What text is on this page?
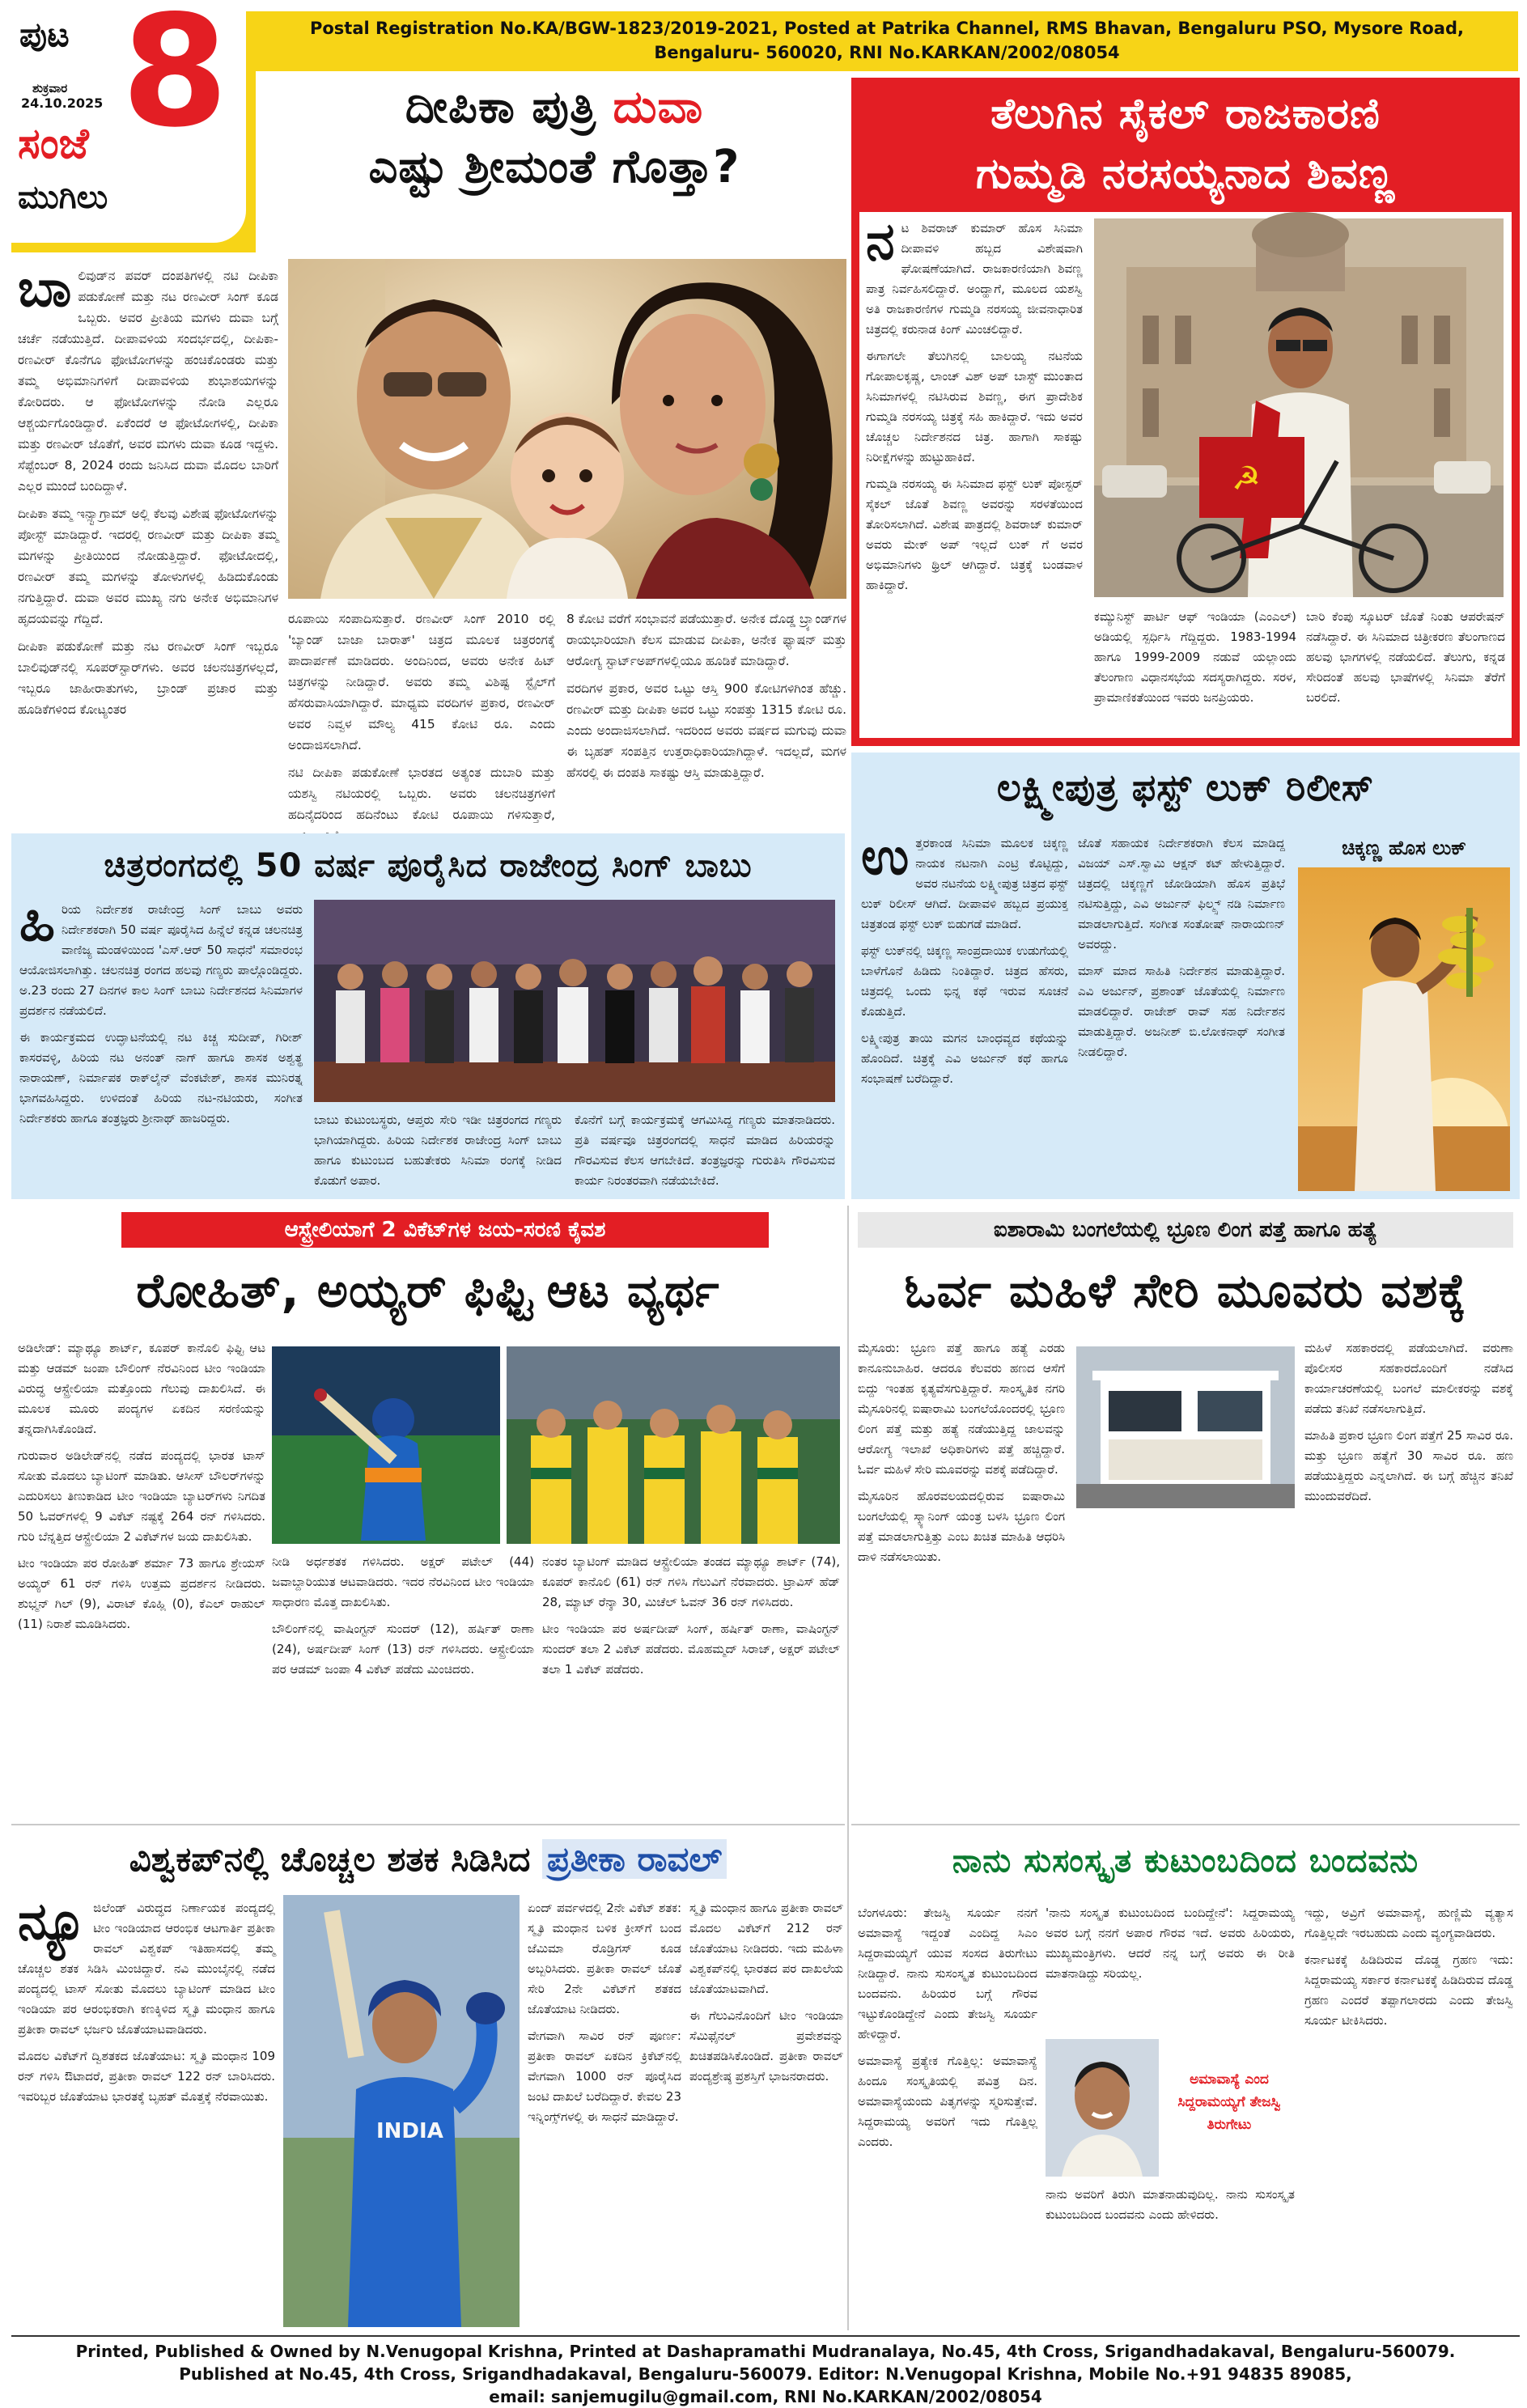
ಪುಟ 8
ಶುಕ್ರವಾರ
24.10.2025
ಸಂಜೆ
ಮುಗಿಲು
Postal Registration No.KA/BGW-1823/2019-2021, Posted at Patrika Channel, RMS Bhavan, Bengaluru PSO, Mysore Road,
Bengaluru- 560020, RNI No.KARKAN/2002/08054
ದೀಪಿಕಾ ಪುತ್ರಿ ದುವಾ
ಎಷ್ಟು ಶ್ರೀಮಂತೆ ಗೊತ್ತಾ?
ಬಾ ಲಿವುಡ್‌ನ ಪವರ್ ದಂಪತಿಗಳಲ್ಲಿ ನಟಿ ದೀಪಿಕಾ ಪಡುಕೋಣೆ ಮತ್ತು ನಟ ರಣವೀರ್ ಸಿಂಗ್ ಕೂಡ ಒಬ್ಬರು. ಅವರ ಪ್ರೀತಿಯ ಮಗಳು ದುವಾ ಬಗ್ಗೆ ಚರ್ಚೆ ನಡೆಯುತ್ತಿದೆ. ದೀಪಾವಳಿಯ ಸಂದರ್ಭದಲ್ಲಿ, ದೀಪಿಕಾ-ರಣವೀರ್ ಕೊನೆಗೂ ಫೋಟೋಗಳನ್ನು ಹಂಚಿಕೊಂಡರು ಮತ್ತು ತಮ್ಮ ಅಭಿಮಾನಿಗಳಿಗೆ ದೀಪಾವಳಿಯ ಶುಭಾಶಯಗಳನ್ನು ಕೋರಿದರು. ಆ ಫೋಟೋಗಳನ್ನು ನೋಡಿ ಎಲ್ಲರೂ ಆಶ್ಚರ್ಯಗೊಂಡಿದ್ದಾರೆ. ಏಕೆಂದರೆ ಆ ಫೋಟೋಗಳಲ್ಲಿ, ದೀಪಿಕಾ ಮತ್ತು ರಣವೀರ್ ಜೊತೆಗೆ, ಅವರ ಮಗಳು ದುವಾ ಕೂಡ ಇದ್ದಳು. ಸೆಪ್ಟೆಂಬರ್ 8, 2024 ರಂದು ಜನಿಸಿದ ದುವಾ ಮೊದಲ ಬಾರಿಗೆ ಎಲ್ಲರ ಮುಂದೆ ಬಂದಿದ್ದಾಳೆ.

ದೀಪಿಕಾ ತಮ್ಮ ಇನ್ಸ್ಟಾಗ್ರಾಮ್ ಅಲ್ಲಿ ಕೆಲವು ವಿಶೇಷ ಫೋಟೋಗಳನ್ನು ಪೋಸ್ಟ್ ಮಾಡಿದ್ದಾರೆ. ಇದರಲ್ಲಿ ರಣವೀರ್ ಮತ್ತು ದೀಪಿಕಾ ತಮ್ಮ ಮಗಳನ್ನು ಪ್ರೀತಿಯಿಂದ ನೋಡುತ್ತಿದ್ದಾರೆ. ಫೋಟೋದಲ್ಲಿ, ರಣವೀರ್ ತಮ್ಮ ಮಗಳನ್ನು ತೋಳುಗಳಲ್ಲಿ ಹಿಡಿದುಕೊಂಡು ನಗುತ್ತಿದ್ದಾರೆ. ದುವಾ ಅವರ ಮುಖ್ಯ ನಗು ಅನೇಕ ಅಭಿಮಾನಿಗಳ ಹೃದಯವನ್ನು ಗೆದ್ದಿದೆ.

ದೀಪಿಕಾ ಪಡುಕೋಣೆ ಮತ್ತು ನಟ ರಣವೀರ್ ಸಿಂಗ್ ಇಬ್ಬರೂ ಬಾಲಿವುಡ್‌ನಲ್ಲಿ ಸೂಪರ್‌ಸ್ಟಾರ್‌ಗಳು. ಅವರ ಚಲನಚಿತ್ರಗಳಲ್ಲದೆ, ಇಬ್ಬರೂ ಜಾಹೀರಾತುಗಳು, ಬ್ರಾಂಡ್ ಪ್ರಚಾರ ಮತ್ತು ಹೂಡಿಕೆಗಳಿಂದ ಕೋಟ್ಯಂತರ

ರೂಪಾಯಿ ಸಂಪಾದಿಸುತ್ತಾರೆ. ರಣವೀರ್ ಸಿಂಗ್ 2010 ರಲ್ಲಿ 'ಬ್ಯಾಂಡ್ ಬಾಜಾ ಬಾರಾತ್' ಚಿತ್ರದ ಮೂಲಕ ಚಿತ್ರರಂಗಕ್ಕೆ ಪಾದಾರ್ಪಣೆ ಮಾಡಿದರು. ಅಂದಿನಿಂದ, ಅವರು ಅನೇಕ ಹಿಟ್ ಚಿತ್ರಗಳನ್ನು ನೀಡಿದ್ದಾರೆ. ಅವರು ತಮ್ಮ ವಿಶಿಷ್ಟ ಸ್ಟೈಲ್‌ಗೆ ಹೆಸರುವಾಸಿಯಾಗಿದ್ದಾರೆ. ಮಾಧ್ಯಮ ವರದಿಗಳ ಪ್ರಕಾರ, ರಣವೀರ್ ಅವರ ನಿವ್ವಳ ಮೌಲ್ಯ 415 ಕೋಟಿ ರೂ. ಎಂದು ಅಂದಾಜಿಸಲಾಗಿದೆ.

ನಟಿ ದೀಪಿಕಾ ಪಡುಕೋಣೆ ಭಾರತದ ಅತ್ಯಂತ ದುಬಾರಿ ಮತ್ತು ಯಶಸ್ವಿ ನಟಿಯರಲ್ಲಿ ಒಬ್ಬರು. ಅವರು ಚಲನಚಿತ್ರಗಳಿಗೆ ಹದಿನೈದರಿಂದ ಹದಿನೆಂಟು ಕೋಟಿ ರೂಪಾಯಿ ಗಳಿಸುತ್ತಾರೆ,

8 ಕೋಟಿ ವರೆಗೆ ಸಂಭಾವನೆ ಪಡೆಯುತ್ತಾರೆ. ಅನೇಕ ದೊಡ್ಡ ಬ್ರ್ಯಾಂಡ್‌ಗಳ ರಾಯಭಾರಿಯಾಗಿ ಕೆಲಸ ಮಾಡುವ ದೀಪಿಕಾ, ಅನೇಕ ಫ್ಯಾಷನ್ ಮತ್ತು ಆರೋಗ್ಯ ಸ್ಟಾರ್ಟ್‌ಅಪ್‌ಗಳಲ್ಲಿಯೂ ಹೂಡಿಕೆ ಮಾಡಿದ್ದಾರೆ.

ವರದಿಗಳ ಪ್ರಕಾರ, ಅವರ ಒಟ್ಟು ಆಸ್ತಿ 900 ಕೋಟಿಗಳಿಗಿಂತ ಹೆಚ್ಚು. ರಣವೀರ್ ಮತ್ತು ದೀಪಿಕಾ ಅವರ ಒಟ್ಟು ಸಂಪತ್ತು 1315 ಕೋಟಿ ರೂ. ಎಂದು ಅಂದಾಜಿಸಲಾಗಿದೆ. ಇದರಿಂದ ಅವರು ವರ್ಷದ ಮಗುವು ದುವಾ ಈ ಬೃಹತ್ ಸಂಪತ್ತಿನ ಉತ್ತರಾಧಿಕಾರಿಯಾಗಿದ್ದಾಳೆ. ಇದಲ್ಲದೆ, ಮಗಳ ಹೆಸರಲ್ಲಿ ಈ ದಂಪತಿ ಸಾಕಷ್ಟು ಆಸ್ತಿ ಮಾಡುತ್ತಿದ್ದಾರೆ.

ತೆಲುಗಿನ ಸೈಕಲ್ ರಾಜಕಾರಣಿ
ಗುಮ್ಮಡಿ ನರಸಯ್ಯನಾದ ಶಿವಣ್ಣ
ನ ಟ ಶಿವರಾಜ್ ಕುಮಾರ್ ಹೊಸ ಸಿನಿಮಾ ದೀಪಾವಳಿ ಹಬ್ಬದ ವಿಶೇಷವಾಗಿ ಘೋಷಣೆಯಾಗಿದೆ. ರಾಜಕಾರಣಿಯಾಗಿ ಶಿವಣ್ಣ ಪಾತ್ರ ನಿರ್ವಹಿಸಲಿದ್ದಾರೆ. ಅಂದ್ಹಾಗೆ, ಮೂಲದ ಯಶಸ್ವಿ ಅತಿ ರಾಜಕಾರಣಿಗಳ ಗುಮ್ಮಡಿ ನರಸಯ್ಯ ಜೀವನಾಧಾರಿತ ಚಿತ್ರದಲ್ಲಿ ಕರುನಾಡ ಕಿಂಗ್ ಮಿಂಚಲಿದ್ದಾರೆ.

ಈಗಾಗಲೇ ತೆಲುಗಿನಲ್ಲಿ ಬಾಲಯ್ಯ ನಟನೆಯ ಗೋಪಾಲಕೃಷ್ಣ, ಲಾಂಚ್ ವಿಶ್ ಅಪ್ ಬಾಸ್ಟ್ ಮುಂತಾದ ಸಿನಿಮಾಗಳಲ್ಲಿ ನಟಿಸಿರುವ ಶಿವಣ್ಣ, ಈಗ ಪ್ರಾದೇಶಿಕ ಗುಮ್ಮಡಿ ನರಸಯ್ಯ ಚಿತ್ರಕ್ಕೆ ಸಹಿ ಹಾಕಿದ್ದಾರೆ. ಇದು ಅವರ ಚೊಚ್ಚಲ ನಿರ್ದೇಶನದ ಚಿತ್ರ. ಹಾಗಾಗಿ ಸಾಕಷ್ಟು ನಿರೀಕ್ಷೆಗಳನ್ನು ಹುಟ್ಟುಹಾಕಿದೆ.

ಗುಮ್ಮಡಿ ನರಸಯ್ಯ ಈ ಸಿನಿಮಾದ ಫಸ್ಟ್ ಲುಕ್ ಪೋಸ್ಟರ್ ಸೈಕಲ್ ಜೊತೆ ಶಿವಣ್ಣ ಅವರನ್ನು ಸರಳತೆಯಿಂದ ತೋರಿಸಲಾಗಿದೆ. ವಿಶೇಷ ಪಾತ್ರದಲ್ಲಿ ಶಿವರಾಜ್ ಕುಮಾರ್ ಅವರು ಮೇಕ್ ಅಪ್ ಇಲ್ಲದೆ ಲುಕ್ ಗೆ ಅವರ ಅಭಿಮಾನಿಗಳು ಥ್ರಿಲ್ ಆಗಿದ್ದಾರೆ. ಚಿತ್ರಕ್ಕೆ ಬಂಡವಾಳ ಹಾಕಿದ್ದಾರೆ.

☭

ಕಮ್ಯುನಿಸ್ಟ್ ಪಾರ್ಟಿ ಆಫ್ ಇಂಡಿಯಾ (ಎಂಎಲ್) ಅಡಿಯಲ್ಲಿ ಸ್ಪರ್ಧಿಸಿ ಗೆದ್ದಿದ್ದರು. 1983-1994 ಹಾಗೂ 1999-2009 ನಡುವೆ ಯಲ್ಲಾಂದು ತೆಲಂಗಾಣ ವಿಧಾನಸಭೆಯ ಸದಸ್ಯರಾಗಿದ್ದರು. ಸರಳ, ಪ್ರಾಮಾಣಿಕತೆಯಿಂದ ಇವರು ಜನಪ್ರಿಯರು.

ಬಾರಿ ಕೆಂಪು ಸ್ಕೂಟರ್ ಜೊತೆ ನಿಂತು ಆಪರೇಷನ್ ನಡೆಸಿದ್ದಾರೆ. ಈ ಸಿನಿಮಾದ ಚಿತ್ರೀಕರಣ ತೆಲಂಗಾಣದ ಹಲವು ಭಾಗಗಳಲ್ಲಿ ನಡೆಯಲಿದೆ. ತೆಲುಗು, ಕನ್ನಡ ಸೇರಿದಂತೆ ಹಲವು ಭಾಷೆಗಳಲ್ಲಿ ಸಿನಿಮಾ ತೆರೆಗೆ ಬರಲಿದೆ.

ಲಕ್ಷ್ಮೀಪುತ್ರ ಫಸ್ಟ್ ಲುಕ್ ರಿಲೀಸ್
ಉ ತ್ತರಕಾಂಡ ಸಿನಿಮಾ ಮೂಲಕ ಚಿಕ್ಕಣ್ಣ ನಾಯಕ ನಟನಾಗಿ ಎಂಟ್ರಿ ಕೊಟ್ಟಿದ್ದು, ಅವರ ನಟನೆಯ ಲಕ್ಷ್ಮೀಪುತ್ರ ಚಿತ್ರದ ಫಸ್ಟ್ ಲುಕ್ ರಿಲೀಸ್ ಆಗಿದೆ. ದೀಪಾವಳಿ ಹಬ್ಬದ ಪ್ರಯುಕ್ತ ಚಿತ್ರತಂಡ ಫಸ್ಟ್ ಲುಕ್ ಬಿಡುಗಡೆ ಮಾಡಿದೆ.

ಫಸ್ಟ್ ಲುಕ್‌ನಲ್ಲಿ ಚಿಕ್ಕಣ್ಣ ಸಾಂಪ್ರದಾಯಿಕ ಉಡುಗೆಯಲ್ಲಿ ಬಾಳೆಗೊನೆ ಹಿಡಿದು ನಿಂತಿದ್ದಾರೆ. ಚಿತ್ರದ ಹೆಸರು, ಚಿತ್ರದಲ್ಲಿ ಒಂದು ಭಿನ್ನ ಕಥೆ ಇರುವ ಸೂಚನೆ ಕೊಡುತ್ತಿದೆ.

ಲಕ್ಷ್ಮೀಪುತ್ರ ತಾಯಿ ಮಗನ ಬಾಂಧವ್ಯದ ಕಥೆಯನ್ನು ಹೊಂದಿದೆ. ಚಿತ್ರಕ್ಕೆ ಎವಿ ಅರ್ಜುನ್ ಕಥೆ ಹಾಗೂ ಸಂಭಾಷಣೆ ಬರೆದಿದ್ದಾರೆ.

ಜೊತೆ ಸಹಾಯಕ ನಿರ್ದೇಶಕರಾಗಿ ಕೆಲಸ ಮಾಡಿದ್ದ ವಿಜಯ್ ಎಸ್.ಸ್ವಾಮಿ ಆಕ್ಷನ್ ಕಟ್ ಹೇಳುತ್ತಿದ್ದಾರೆ. ಚಿತ್ರದಲ್ಲಿ ಚಿಕ್ಕಣ್ಣಗೆ ಜೋಡಿಯಾಗಿ ಹೊಸ ಪ್ರತಿಭೆ ನಟಿಸುತ್ತಿದ್ದು, ಎವಿ ಅರ್ಜುನ್ ಫಿಲ್ಮ್ಸ್ ನಡಿ ನಿರ್ಮಾಣ ಮಾಡಲಾಗುತ್ತಿದೆ. ಸಂಗೀತ ಸಂತೋಷ್ ನಾರಾಯಣನ್ ಅವರದ್ದು.

ಮಾಸ್ ಮಾದ ಸಾಹಿತಿ ನಿರ್ದೇಶನ ಮಾಡುತ್ತಿದ್ದಾರೆ. ಎವಿ ಅರ್ಜುನ್, ಪ್ರಶಾಂತ್ ಜೊತೆಯಲ್ಲಿ ನಿರ್ಮಾಣ ಮಾಡಲಿದ್ದಾರೆ. ರಾಜೇಶ್ ರಾವ್ ಸಹ ನಿರ್ದೇಶನ ಮಾಡುತ್ತಿದ್ದಾರೆ. ಅಜನೀಶ್ ಬಿ.ಲೋಕನಾಥ್ ಸಂಗೀತ ನೀಡಲಿದ್ದಾರೆ.

ಚಿಕ್ಕಣ್ಣ ಹೊಸ ಲುಕ್
ಚಿತ್ರರಂಗದಲ್ಲಿ 50 ವರ್ಷ ಪೂರೈಸಿದ ರಾಜೇಂದ್ರ ಸಿಂಗ್ ಬಾಬು
ಹಿ ರಿಯ ನಿರ್ದೇಶಕ ರಾಜೇಂದ್ರ ಸಿಂಗ್ ಬಾಬು ಅವರು ನಿರ್ದೇಶಕರಾಗಿ 50 ವರ್ಷ ಪೂರೈಸಿದ ಹಿನ್ನೆಲೆ ಕನ್ನಡ ಚಲನಚಿತ್ರ ವಾಣಿಜ್ಯ ಮಂಡಳಿಯಿಂದ 'ಎಸ್.ಆರ್ 50 ಸಾಧನೆ' ಸಮಾರಂಭ ಆಯೋಜಿಸಲಾಗಿತ್ತು. ಚಲನಚಿತ್ರ ರಂಗದ ಹಲವು ಗಣ್ಯರು ಪಾಲ್ಗೊಂಡಿದ್ದರು. ಅ.23 ರಂದು 27 ದಿನಗಳ ಕಾಲ ಸಿಂಗ್ ಬಾಬು ನಿರ್ದೇಶನದ ಸಿನಿಮಾಗಳ ಪ್ರದರ್ಶನ ನಡೆಯಲಿದೆ.

ಈ ಕಾರ್ಯಕ್ರಮದ ಉದ್ಘಾಟನೆಯಲ್ಲಿ ನಟ ಕಿಚ್ಚ ಸುದೀಪ್, ಗಿರೀಶ್ ಕಾಸರವಳ್ಳಿ, ಹಿರಿಯ ನಟ ಅನಂತ್ ನಾಗ್ ಹಾಗೂ ಶಾಸಕ ಅಶ್ವತ್ಥ ನಾರಾಯಣ್, ನಿರ್ಮಾಪಕ ರಾಕ್‌ಲೈನ್ ವೆಂಕಟೇಶ್, ಶಾಸಕ ಮುನಿರತ್ನ ಭಾಗವಹಿಸಿದ್ದರು. ಉಳಿದಂತೆ ಹಿರಿಯ ನಟ-ನಟಿಯರು, ಸಂಗೀತ ನಿರ್ದೇಶಕರು ಹಾಗೂ ತಂತ್ರಜ್ಞರು ಶ್ರೀನಾಥ್ ಹಾಜರಿದ್ದರು.	ಬಾಬು ಕುಟುಂಬಸ್ಥರು, ಆಪ್ತರು ಸೇರಿ ಇಡೀ ಚಿತ್ರರಂಗದ ಗಣ್ಯರು ಭಾಗಿಯಾಗಿದ್ದರು. ಹಿರಿಯ ನಿರ್ದೇಶಕ ರಾಜೇಂದ್ರ ಸಿಂಗ್ ಬಾಬು ಹಾಗೂ ಕುಟುಂಬದ ಬಹುತೇಕರು ಸಿನಿಮಾ ರಂಗಕ್ಕೆ ನೀಡಿದ ಕೊಡುಗೆ ಅಪಾರ.

ಕೊನೆಗೆ ಬಗ್ಗೆ ಕಾರ್ಯಕ್ರಮಕ್ಕೆ ಆಗಮಿಸಿದ್ದ ಗಣ್ಯರು ಮಾತನಾಡಿದರು. ಪ್ರತಿ ವರ್ಷವೂ ಚಿತ್ರರಂಗದಲ್ಲಿ ಸಾಧನೆ ಮಾಡಿದ ಹಿರಿಯರನ್ನು ಗೌರವಿಸುವ ಕೆಲಸ ಆಗಬೇಕಿದೆ. ತಂತ್ರಜ್ಞರನ್ನು ಗುರುತಿಸಿ ಗೌರವಿಸುವ ಕಾರ್ಯ ನಿರಂತರವಾಗಿ ನಡೆಯಬೇಕಿದೆ.

ಆಸ್ಟ್ರೇಲಿಯಾಗೆ 2 ವಿಕೆಟ್‌ಗಳ ಜಯ-ಸರಣಿ ಕೈವಶ
ರೋಹಿತ್, ಅಯ್ಯರ್ ಫಿಫ್ಟಿ ಆಟ ವ್ಯರ್ಥ

ಅಡಿಲೇಡ್: ಮ್ಯಾಥ್ಯೂ ಶಾರ್ಟ್, ಕೂಪರ್ ಕಾನೊಲಿ ಫಿಫ್ಟಿ ಆಟ ಮತ್ತು ಆಡಮ್ ಜಂಪಾ ಬೌಲಿಂಗ್ ನೆರವಿನಿಂದ ಟೀಂ ಇಂಡಿಯಾ ವಿರುದ್ಧ ಆಸ್ಟ್ರೇಲಿಯಾ ಮತ್ತೊಂದು ಗೆಲುವು ದಾಖಲಿಸಿದೆ. ಈ ಮೂಲಕ ಮೂರು ಪಂದ್ಯಗಳ ಏಕದಿನ ಸರಣಿಯನ್ನು ತನ್ನದಾಗಿಸಿಕೊಂಡಿದೆ.

ಗುರುವಾರ ಅಡಿಲೇಡ್‌ನಲ್ಲಿ ನಡೆದ ಪಂದ್ಯದಲ್ಲಿ ಭಾರತ ಟಾಸ್ ಸೋತು ಮೊದಲು ಬ್ಯಾಟಿಂಗ್ ಮಾಡಿತು. ಆಸೀಸ್ ಬೌಲರ್‌ಗಳನ್ನು ಎದುರಿಸಲು ತಿಣುಕಾಡಿದ ಟೀಂ ಇಂಡಿಯಾ ಬ್ಯಾಟರ್‌ಗಳು ನಿಗದಿತ 50 ಓವರ್‌ಗಳಲ್ಲಿ 9 ವಿಕೆಟ್ ನಷ್ಟಕ್ಕೆ 264 ರನ್ ಗಳಿಸಿದರು. ಗುರಿ ಬೆನ್ನತ್ತಿದ ಆಸ್ಟ್ರೇಲಿಯಾ 2 ವಿಕೆಟ್‌ಗಳ ಜಯ ದಾಖಲಿಸಿತು.

ಟೀಂ ಇಂಡಿಯಾ ಪರ ರೋಹಿತ್ ಶರ್ಮಾ 73 ಹಾಗೂ ಶ್ರೇಯಸ್ ಅಯ್ಯರ್ 61 ರನ್ ಗಳಿಸಿ ಉತ್ತಮ ಪ್ರದರ್ಶನ ನೀಡಿದರು. ಶುಭ್ಮನ್ ಗಿಲ್ (9), ವಿರಾಟ್ ಕೊಹ್ಲಿ (0), ಕೆಎಲ್ ರಾಹುಲ್ (11) ನಿರಾಶೆ ಮೂಡಿಸಿದರು.

ನೀಡಿ ಅರ್ಧಶತಕ ಗಳಿಸಿದರು. ಅಕ್ಷರ್ ಪಟೇಲ್ (44) ಜವಾಬ್ದಾರಿಯುತ ಆಟವಾಡಿದರು. ಇದರ ನೆರವಿನಿಂದ ಟೀಂ ಇಂಡಿಯಾ ಸಾಧಾರಣ ಮೊತ್ತ ದಾಖಲಿಸಿತು.

ಬೌಲಿಂಗ್‌ನಲ್ಲಿ ವಾಷಿಂಗ್ಟನ್ ಸುಂದರ್ (12), ಹರ್ಷಿತ್ ರಾಣಾ (24), ಅರ್ಷದೀಪ್ ಸಿಂಗ್ (13) ರನ್ ಗಳಿಸಿದರು. ಆಸ್ಟ್ರೇಲಿಯಾ ಪರ ಆಡಮ್ ಜಂಪಾ 4 ವಿಕೆಟ್ ಪಡೆದು ಮಿಂಚಿದರು.

ನಂತರ ಬ್ಯಾಟಿಂಗ್ ಮಾಡಿದ ಆಸ್ಟ್ರೇಲಿಯಾ ತಂಡದ ಮ್ಯಾಥ್ಯೂ ಶಾರ್ಟ್ (74), ಕೂಪರ್ ಕಾನೊಲಿ (61) ರನ್ ಗಳಿಸಿ ಗೆಲುವಿಗೆ ನೆರವಾದರು. ಟ್ರಾವಿಸ್ ಹೆಡ್ 28, ಮ್ಯಾಟ್ ರೆನ್ಶಾ 30, ಮಿಚೆಲ್ ಓವನ್ 36 ರನ್ ಗಳಿಸಿದರು.

ಟೀಂ ಇಂಡಿಯಾ ಪರ ಅರ್ಷದೀಪ್ ಸಿಂಗ್, ಹರ್ಷಿತ್ ರಾಣಾ, ವಾಷಿಂಗ್ಟನ್ ಸುಂದರ್ ತಲಾ 2 ವಿಕೆಟ್ ಪಡೆದರು. ಮೊಹಮ್ಮದ್ ಸಿರಾಜ್, ಅಕ್ಷರ್ ಪಟೇಲ್ ತಲಾ 1 ವಿಕೆಟ್ ಪಡೆದರು.

ಐಶಾರಾಮಿ ಬಂಗಲೆಯಲ್ಲಿ ಭ್ರೂಣ ಲಿಂಗ ಪತ್ತೆ ಹಾಗೂ ಹತ್ಯೆ
ಓರ್ವ ಮಹಿಳೆ ಸೇರಿ ಮೂವರು ವಶಕ್ಕೆ

ಮೈಸೂರು: ಭ್ರೂಣ ಪತ್ತೆ ಹಾಗೂ ಹತ್ಯೆ ಎರಡು ಕಾನೂನುಬಾಹಿರ. ಆದರೂ ಕೆಲವರು ಹಣದ ಆಸೆಗೆ ಬಿದ್ದು ಇಂತಹ ಕೃತ್ಯವೆಸಗುತ್ತಿದ್ದಾರೆ. ಸಾಂಸ್ಕೃತಿಕ ನಗರಿ ಮೈಸೂರಿನಲ್ಲಿ ಐಷಾರಾಮಿ ಬಂಗಲೆಯೊಂದರಲ್ಲಿ ಭ್ರೂಣ ಲಿಂಗ ಪತ್ತೆ ಮತ್ತು ಹತ್ಯೆ ನಡೆಯುತ್ತಿದ್ದ ಜಾಲವನ್ನು ಆರೋಗ್ಯ ಇಲಾಖೆ ಅಧಿಕಾರಿಗಳು ಪತ್ತೆ ಹಚ್ಚಿದ್ದಾರೆ. ಓರ್ವ ಮಹಿಳೆ ಸೇರಿ ಮೂವರನ್ನು ವಶಕ್ಕೆ ಪಡೆದಿದ್ದಾರೆ.

ಮೈಸೂರಿನ ಹೊರವಲಯದಲ್ಲಿರುವ ಐಷಾರಾಮಿ ಬಂಗಲೆಯಲ್ಲಿ ಸ್ಕ್ಯಾನಿಂಗ್ ಯಂತ್ರ ಬಳಸಿ ಭ್ರೂಣ ಲಿಂಗ ಪತ್ತೆ ಮಾಡಲಾಗುತ್ತಿತ್ತು ಎಂಬ ಖಚಿತ ಮಾಹಿತಿ ಆಧರಿಸಿ ದಾಳಿ ನಡೆಸಲಾಯಿತು.

ಮಹಿಳೆ ಸಹಕಾರದಲ್ಲಿ ಪಡೆಯಲಾಗಿದೆ. ವರುಣಾ ಪೊಲೀಸರ ಸಹಕಾರದೊಂದಿಗೆ ನಡೆಸಿದ ಕಾರ್ಯಾಚರಣೆಯಲ್ಲಿ ಬಂಗಲೆ ಮಾಲೀಕರನ್ನು ವಶಕ್ಕೆ ಪಡೆದು ತನಿಖೆ ನಡೆಸಲಾಗುತ್ತಿದೆ.

ಮಾಹಿತಿ ಪ್ರಕಾರ ಭ್ರೂಣ ಲಿಂಗ ಪತ್ತೆಗೆ 25 ಸಾವಿರ ರೂ. ಮತ್ತು ಭ್ರೂಣ ಹತ್ಯೆಗೆ 30 ಸಾವಿರ ರೂ. ಹಣ ಪಡೆಯುತ್ತಿದ್ದರು ಎನ್ನಲಾಗಿದೆ. ಈ ಬಗ್ಗೆ ಹೆಚ್ಚಿನ ತನಿಖೆ ಮುಂದುವರೆದಿದೆ.

ವಿಶ್ವಕಪ್‌ನಲ್ಲಿ ಚೊಚ್ಚಲ ಶತಕ ಸಿಡಿಸಿದ ಪ್ರತೀಕಾ ರಾವಲ್
ನ್ಯೂ ಜಿಲೆಂಡ್ ವಿರುದ್ಧದ ನಿರ್ಣಾಯಕ ಪಂದ್ಯದಲ್ಲಿ ಟೀಂ ಇಂಡಿಯಾದ ಆರಂಭಿಕ ಆಟಗಾರ್ತಿ ಪ್ರತೀಕಾ ರಾವಲ್ ವಿಶ್ವಕಪ್ ಇತಿಹಾಸದಲ್ಲಿ ತಮ್ಮ ಚೊಚ್ಚಲ ಶತಕ ಸಿಡಿಸಿ ಮಿಂಚಿದ್ದಾರೆ. ನವಿ ಮುಂಬೈನಲ್ಲಿ ನಡೆದ ಪಂದ್ಯದಲ್ಲಿ ಟಾಸ್ ಸೋತು ಮೊದಲು ಬ್ಯಾಟಿಂಗ್ ಮಾಡಿದ ಟೀಂ ಇಂಡಿಯಾ ಪರ ಆರಂಭಿಕರಾಗಿ ಕಣಕ್ಕಿಳಿದ ಸ್ಮೃತಿ ಮಂಧಾನ ಹಾಗೂ ಪ್ರತೀಕಾ ರಾವಲ್ ಭರ್ಜರಿ ಜೊತೆಯಾಟವಾಡಿದರು.

ಮೊದಲ ವಿಕೆಟ್‌ಗೆ ದ್ವಿಶತಕದ ಜೊತೆಯಾಟ: ಸ್ಮೃತಿ ಮಂಧಾನ 109 ರನ್ ಗಳಿಸಿ ಔಟಾದರೆ, ಪ್ರತೀಕಾ ರಾವಲ್ 122 ರನ್ ಬಾರಿಸಿದರು. ಇವರಿಬ್ಬರ ಜೊತೆಯಾಟ ಭಾರತಕ್ಕೆ ಬೃಹತ್ ಮೊತ್ತಕ್ಕೆ ನೆರವಾಯಿತು.

INDIA

ಏಂದ್ ಪರ್ವಳದಲ್ಲಿ 2ನೇ ವಿಕೆಟ್ ಶತಕ: ಸ್ಮೃತಿ ಮಂಧಾನ ಬಳಿಕ ಕ್ರೀಸ್‌ಗೆ ಬಂದ ಜೆಮಿಮಾ ರೊಡ್ರಿಗಸ್ ಕೂಡ ಅಬ್ಬರಿಸಿದರು. ಪ್ರತೀಕಾ ರಾವಲ್ ಜೊತೆ ಸೇರಿ 2ನೇ ವಿಕೆಟ್‌ಗೆ ಶತಕದ ಜೊತೆಯಾಟ ನೀಡಿದರು.

ವೇಗವಾಗಿ ಸಾವಿರ ರನ್ ಪೂರ್ಣ: ಪ್ರತೀಕಾ ರಾವಲ್ ಏಕದಿನ ಕ್ರಿಕೆಟ್‌ನಲ್ಲಿ ವೇಗವಾಗಿ 1000 ರನ್ ಪೂರೈಸಿದ ಜಂಟಿ ದಾಖಲೆ ಬರೆದಿದ್ದಾರೆ. ಕೇವಲ 23 ಇನ್ನಿಂಗ್ಸ್‌ಗಳಲ್ಲಿ ಈ ಸಾಧನೆ ಮಾಡಿದ್ದಾರೆ.

ಸ್ಮೃತಿ ಮಂಧಾನ ಹಾಗೂ ಪ್ರತೀಕಾ ರಾವಲ್ ಮೊದಲ ವಿಕೆಟ್‌ಗೆ 212 ರನ್ ಜೊತೆಯಾಟ ನೀಡಿದರು. ಇದು ಮಹಿಳಾ ವಿಶ್ವಕಪ್‌ನಲ್ಲಿ ಭಾರತದ ಪರ ದಾಖಲೆಯ ಜೊತೆಯಾಟವಾಗಿದೆ.

ಈ ಗೆಲುವಿನೊಂದಿಗೆ ಟೀಂ ಇಂಡಿಯಾ ಸೆಮಿಫೈನಲ್ ಪ್ರವೇಶವನ್ನು ಖಚಿತಪಡಿಸಿಕೊಂಡಿದೆ. ಪ್ರತೀಕಾ ರಾವಲ್ ಪಂದ್ಯಶ್ರೇಷ್ಠ ಪ್ರಶಸ್ತಿಗೆ ಭಾಜನರಾದರು.

ನಾನು ಸುಸಂಸ್ಕೃತ ಕುಟುಂಬದಿಂದ ಬಂದವನು

ಬೆಂಗಳೂರು: ತೇಜಸ್ವಿ ಸೂರ್ಯ ನನಗೆ ಅಮಾವಾಸ್ಯೆ ಇದ್ದಂತೆ ಎಂದಿದ್ದ ಸಿಎಂ ಸಿದ್ದರಾಮಯ್ಯಗೆ ಯುವ ಸಂಸದ ತಿರುಗೇಟು ನೀಡಿದ್ದಾರೆ. ನಾನು ಸುಸಂಸ್ಕೃತ ಕುಟುಂಬದಿಂದ ಬಂದವನು. ಹಿರಿಯರ ಬಗ್ಗೆ ಗೌರವ ಇಟ್ಟುಕೊಂಡಿದ್ದೇನೆ ಎಂದು ತೇಜಸ್ವಿ ಸೂರ್ಯ ಹೇಳಿದ್ದಾರೆ.

ಅಮಾವಾಸ್ಯೆ ಪ್ರತ್ಯೇಕ ಗೊತ್ತಿಲ್ಲ: ಅಮಾವಾಸ್ಯೆ ಹಿಂದೂ ಸಂಸ್ಕೃತಿಯಲ್ಲಿ ಪವಿತ್ರ ದಿನ. ಅಮಾವಾಸ್ಯೆಯಂದು ಪಿತೃಗಳನ್ನು ಸ್ಮರಿಸುತ್ತೇವೆ. ಸಿದ್ದರಾಮಯ್ಯ ಅವರಿಗೆ ಇದು ಗೊತ್ತಿಲ್ಲ ಎಂದರು.

'ನಾನು ಸಂಸ್ಕೃತ ಕುಟುಂಬದಿಂದ ಬಂದಿದ್ದೇನೆ': ಸಿದ್ದರಾಮಯ್ಯ ಅವರ ಬಗ್ಗೆ ನನಗೆ ಅಪಾರ ಗೌರವ ಇದೆ. ಅವರು ಹಿರಿಯರು, ಮುಖ್ಯಮಂತ್ರಿಗಳು. ಆದರೆ ನನ್ನ ಬಗ್ಗೆ ಅವರು ಈ ರೀತಿ ಮಾತನಾಡಿದ್ದು ಸರಿಯಲ್ಲ.

ಅಮಾವಾಸ್ಯೆ ಎಂದ ಸಿದ್ದರಾಮಯ್ಯಗೆ ತೇಜಸ್ವಿ ತಿರುಗೇಟು

ನಾನು ಅವರಿಗೆ ತಿರುಗಿ ಮಾತನಾಡುವುದಿಲ್ಲ. ನಾನು ಸುಸಂಸ್ಕೃತ ಕುಟುಂಬದಿಂದ ಬಂದವನು ಎಂದು ಹೇಳಿದರು.

ಇದ್ದು, ಅವ್ರಿಗೆ ಅಮಾವಾಸ್ಯೆ, ಹುಣ್ಣಿಮೆ ವ್ಯತ್ಯಾಸ ಗೊತ್ತಿಲ್ಲದೇ ಇರಬಹುದು ಎಂದು ವ್ಯಂಗ್ಯವಾಡಿದರು.

ಕರ್ನಾಟಕಕ್ಕೆ ಹಿಡಿದಿರುವ ದೊಡ್ಡ ಗ್ರಹಣ ಇದು: ಸಿದ್ದರಾಮಯ್ಯ ಸರ್ಕಾರ ಕರ್ನಾಟಕಕ್ಕೆ ಹಿಡಿದಿರುವ ದೊಡ್ಡ ಗ್ರಹಣ ಎಂದರೆ ತಪ್ಪಾಗಲಾರದು ಎಂದು ತೇಜಸ್ವಿ ಸೂರ್ಯ ಟೀಕಿಸಿದರು.

Printed, Published & Owned by N.Venugopal Krishna, Printed at Dashapramathi Mudranalaya, No.45, 4th Cross, Srigandhadakaval, Bengaluru-560079.
Published at No.45, 4th Cross, Srigandhadakaval, Bengaluru-560079. Editor: N.Venugopal Krishna, Mobile No.+91 94835 89085,
email: sanjemugilu@gmail.com, RNI No.KARKAN/2002/08054
